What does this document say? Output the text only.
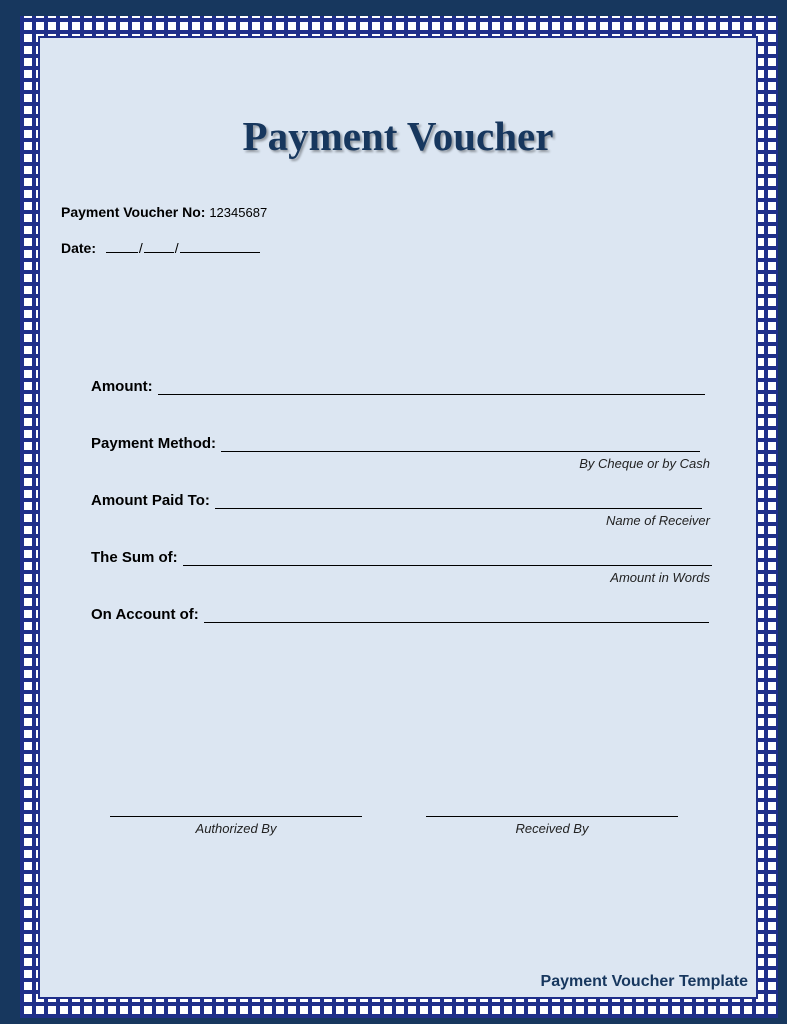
Payment Voucher
Payment Voucher No: 12345687
Date:	/ /
Amount:
Payment Method:
By Cheque or by Cash
Amount Paid To:
Name of Receiver
The Sum of:
Amount in Words
On Account of:
Authorized By	Received By
Payment Voucher Template
